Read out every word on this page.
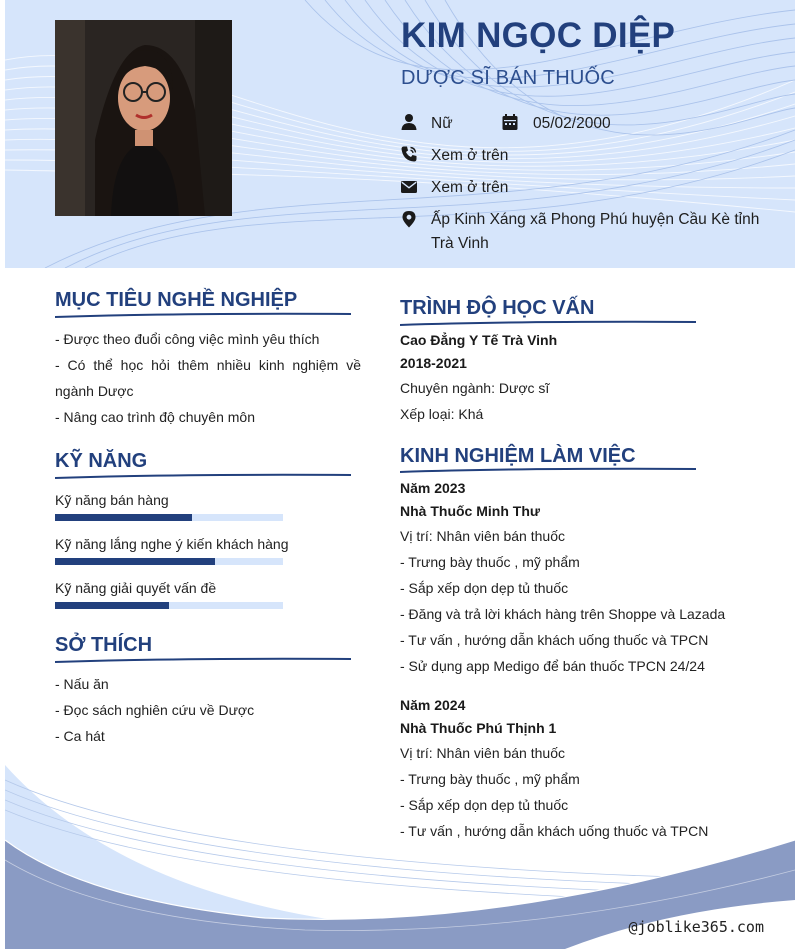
KIM NGỌC DIỆP
DƯỢC SĨ BÁN THUỐC
Nữ	05/02/2000
Xem ở trên
Xem ở trên
Ấp Kinh Xáng xã Phong Phú huyện Cầu Kè tỉnh Trà Vinh
MỤC TIÊU NGHỀ NGHIỆP
- Được theo đuổi công việc mình yêu thích
- Có thể học hỏi thêm nhiều kinh nghiệm về ngành Dược
- Nâng cao trình độ chuyên môn
KỸ NĂNG
Kỹ năng bán hàng
Kỹ năng lắng nghe ý kiến khách hàng
Kỹ năng giải quyết vấn đề
SỞ THÍCH
- Nấu ăn
- Đọc sách nghiên cứu về Dược
- Ca hát
TRÌNH ĐỘ HỌC VẤN
Cao Đẳng Y Tế Trà Vinh
2018-2021
Chuyên ngành: Dược sĩ
Xếp loại: Khá
KINH NGHIỆM LÀM VIỆC
Năm 2023
Nhà Thuốc Minh Thư
Vị trí: Nhân viên bán thuốc
- Trưng bày thuốc , mỹ phẩm
- Sắp xếp dọn dẹp tủ thuốc
- Đăng và trả lời khách hàng trên Shoppe và Lazada
- Tư vấn , hướng dẫn khách uống thuốc và TPCN
- Sử dụng app Medigo để bán thuốc TPCN 24/24
Năm 2024
Nhà Thuốc Phú Thịnh 1
Vị trí: Nhân viên bán thuốc
- Trưng bày thuốc , mỹ phẩm
- Sắp xếp dọn dẹp tủ thuốc
- Tư vấn , hướng dẫn khách uống thuốc và TPCN
@joblike365.com
